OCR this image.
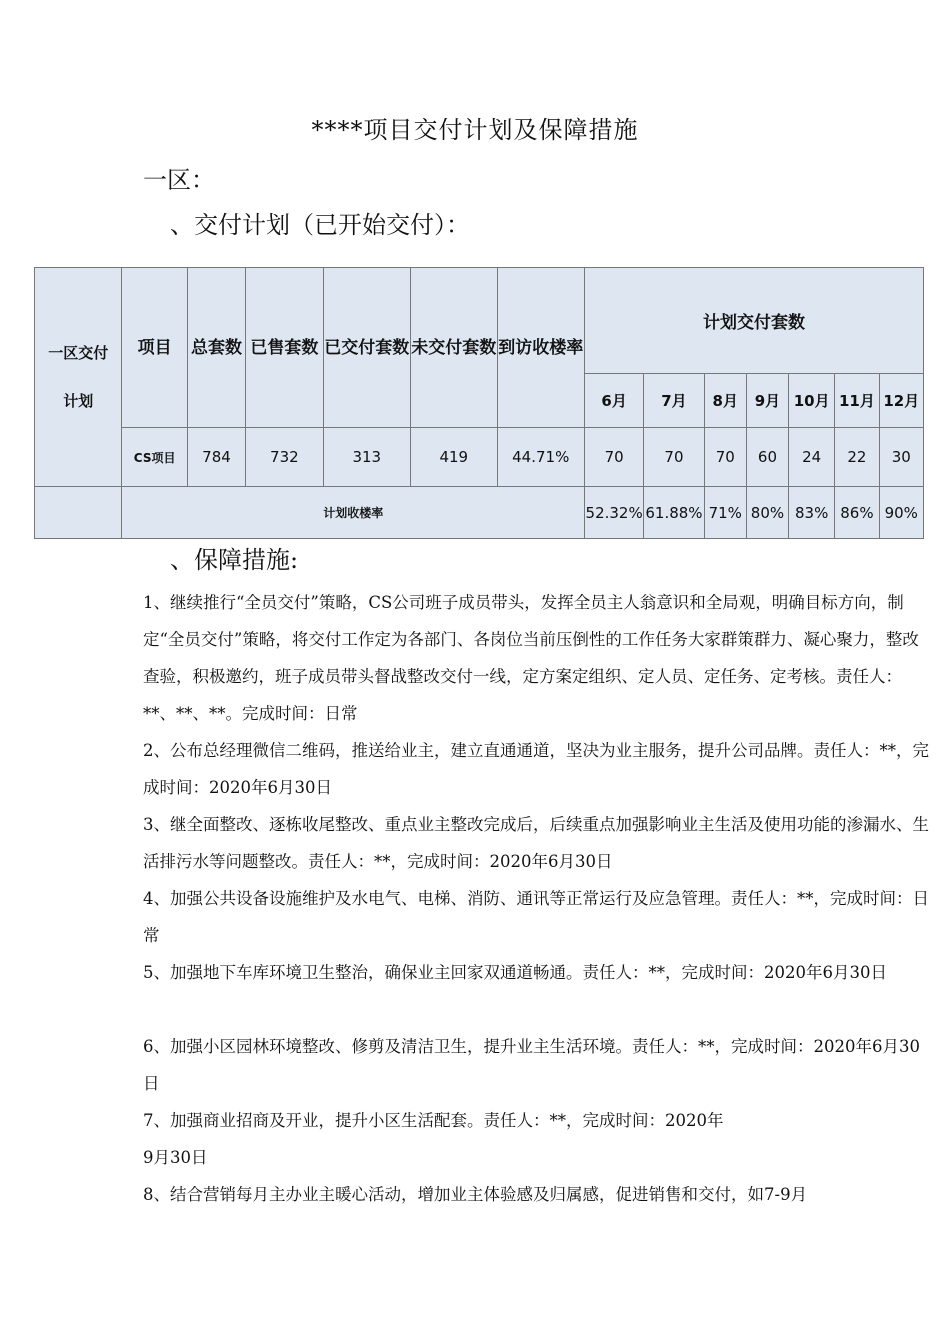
****项目交付计划及保障措施
一区：
、交付计划（已开始交付）：
一区交付
计划	项目	总套数	已售套数	已交付套数	未交付套数	到访收楼率	计划交付套数						
							6月	7月	8月	9月	10月	11月	12月
	CS项目	784	732	313	419	44.71%	70	70	70	60	24	22	30
	计划收楼率						52.32%	61.88%	71%	80%	83%	86%	90%
、保障措施:
1、继续推行“全员交付”策略，CS公司班子成员带头，发挥全员主人翁意识和全局观，明确目标方向，制定“全员交付”策略，将交付工作定为各部门、各岗位当前压倒性的工作任务大家群策群力、凝心聚力，整改查验，积极邀约，班子成员带头督战整改交付一线，定方案定组织、定人员、定任务、定考核。责任人：**、**、**。完成时间：日常
2、公布总经理微信二维码，推送给业主，建立直通通道，坚决为业主服务，提升公司品牌。责任人：**，完成时间：2020年6月30日
3、继全面整改、逐栋收尾整改、重点业主整改完成后，后续重点加强影响业主生活及使用功能的渗漏水、生活排污水等问题整改。责任人：**，完成时间：2020年6月30日
4、加强公共设备设施维护及水电气、电梯、消防、通讯等正常运行及应急管理。责任人：**，完成时间：日常
5、加强地下车库环境卫生整治，确保业主回家双通道畅通。责任人：**，完成时间：2020年6月30日
6、加强小区园林环境整改、修剪及清洁卫生，提升业主生活环境。责任人：**，完成时间：2020年6月30日
7、加强商业招商及开业，提升小区生活配套。责任人：**，完成时间：2020年
9月30日
8、结合营销每月主办业主暖心活动，增加业主体验感及归属感，促进销售和交付，如7-9月
